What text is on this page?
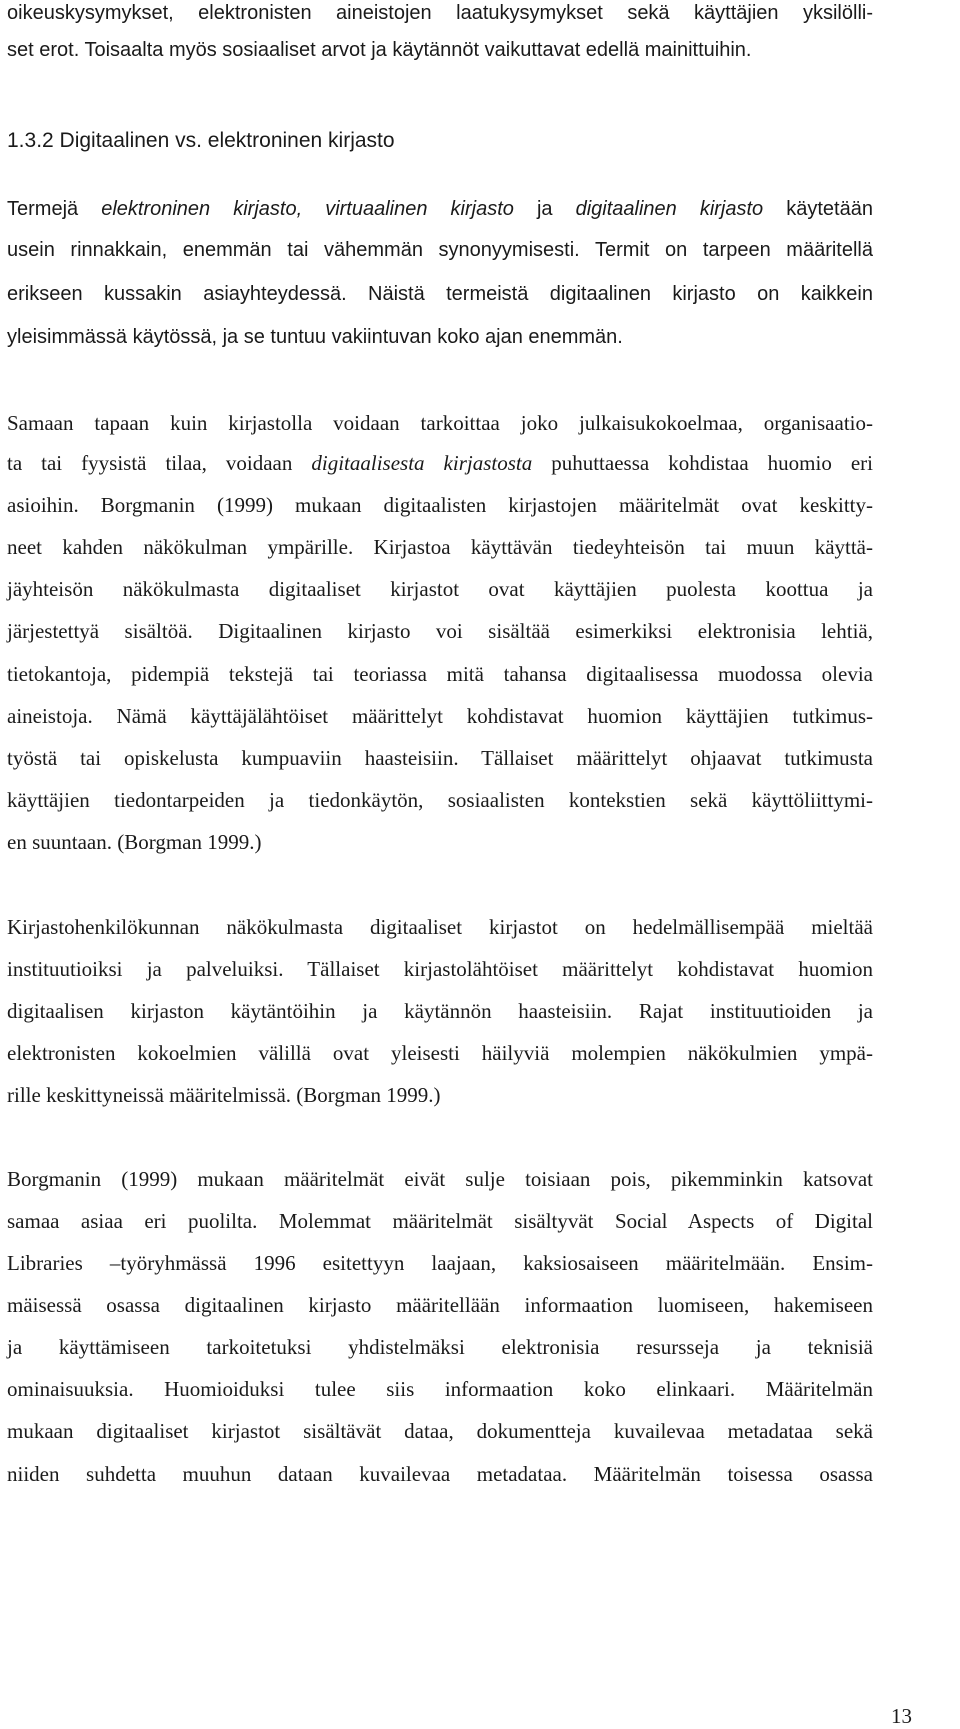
oikeuskysymykset, elektronisten aineistojen laatukysymykset sekä käyttäjien yksilölli-
set erot. Toisaalta myös sosiaaliset arvot ja käytännöt vaikuttavat edellä mainittuihin.
1.3.2 Digitaalinen vs. elektroninen kirjasto
Termejä elektroninen kirjasto, virtuaalinen kirjasto ja digitaalinen kirjasto käytetään
usein rinnakkain, enemmän tai vähemmän synonyymisesti. Termit on tarpeen määritellä
erikseen kussakin asiayhteydessä. Näistä termeistä digitaalinen kirjasto on kaikkein
yleisimmässä käytössä, ja se tuntuu vakiintuvan koko ajan enemmän.
Samaan tapaan kuin kirjastolla voidaan tarkoittaa joko julkaisukokoelmaa, organisaatio-
ta tai fyysistä tilaa, voidaan digitaalisesta kirjastosta puhuttaessa kohdistaa huomio eri
asioihin. Borgmanin (1999) mukaan digitaalisten kirjastojen määritelmät ovat keskitty-
neet kahden näkökulman ympärille. Kirjastoa käyttävän tiedeyhteisön tai muun käyttä-
jäyhteisön näkökulmasta digitaaliset kirjastot ovat käyttäjien puolesta koottua ja
järjestettyä sisältöä. Digitaalinen kirjasto voi sisältää esimerkiksi elektronisia lehtiä,
tietokantoja, pidempiä tekstejä tai teoriassa mitä tahansa digitaalisessa muodossa olevia
aineistoja. Nämä käyttäjälähtöiset määrittelyt kohdistavat huomion käyttäjien tutkimus-
työstä tai opiskelusta kumpuaviin haasteisiin. Tällaiset määrittelyt ohjaavat tutkimusta
käyttäjien tiedontarpeiden ja tiedonkäytön, sosiaalisten kontekstien sekä käyttöliittymi-
en suuntaan. (Borgman 1999.)
Kirjastohenkilökunnan näkökulmasta digitaaliset kirjastot on hedelmällisempää mieltää
instituutioiksi ja palveluiksi. Tällaiset kirjastolähtöiset määrittelyt kohdistavat huomion
digitaalisen kirjaston käytäntöihin ja käytännön haasteisiin. Rajat instituutioiden ja
elektronisten kokoelmien välillä ovat yleisesti häilyviä molempien näkökulmien ympä-
rille keskittyneissä määritelmissä. (Borgman 1999.)
Borgmanin (1999) mukaan määritelmät eivät sulje toisiaan pois, pikemminkin katsovat
samaa asiaa eri puolilta. Molemmat määritelmät sisältyvät Social Aspects of Digital
Libraries –työryhmässä 1996 esitettyyn laajaan, kaksiosaiseen määritelmään. Ensim-
mäisessä osassa digitaalinen kirjasto määritellään informaation luomiseen, hakemiseen
ja käyttämiseen tarkoitetuksi yhdistelmäksi elektronisia resursseja ja teknisiä
ominaisuuksia. Huomioiduksi tulee siis informaation koko elinkaari. Määritelmän
mukaan digitaaliset kirjastot sisältävät dataa, dokumentteja kuvailevaa metadataa sekä
niiden suhdetta muuhun dataan kuvailevaa metadataa. Määritelmän toisessa osassa
13
